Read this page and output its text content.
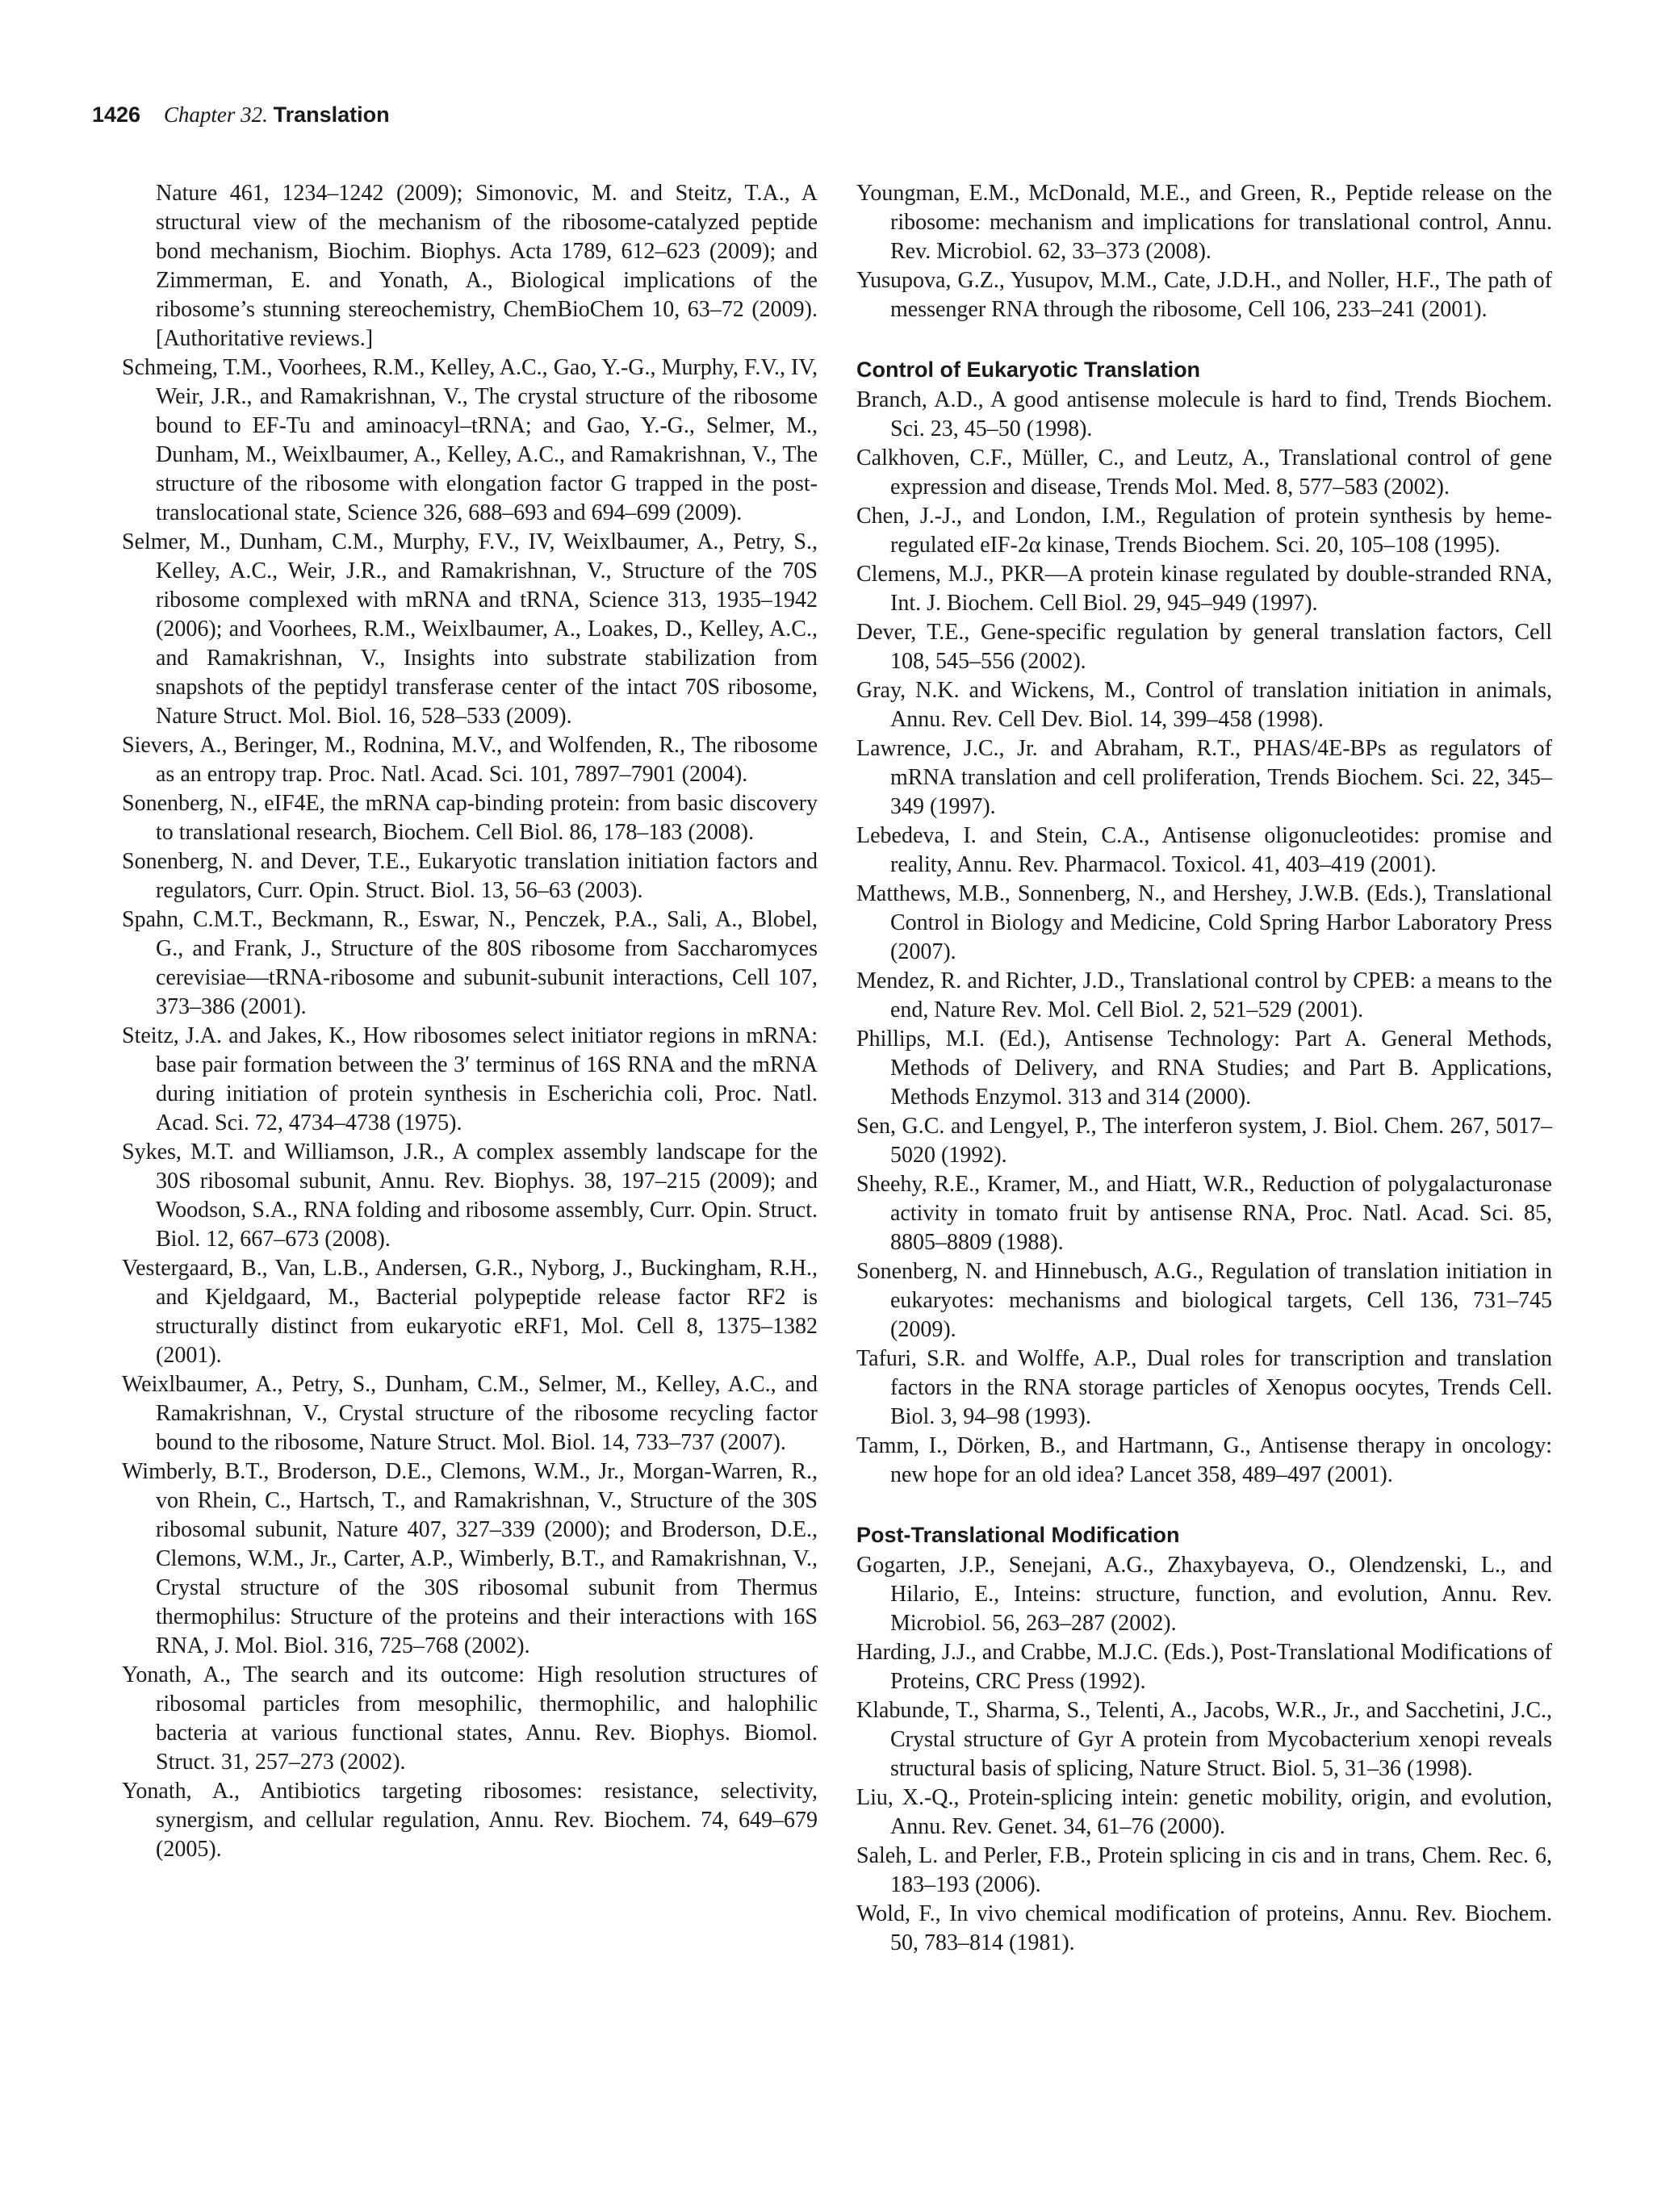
1426 Chapter 32. Translation

Nature 461, 1234–1242 (2009); Simonovic, M. and Steitz, T.A., A structural view of the mechanism of the ribosome-catalyzed peptide bond mechanism, Biochim. Biophys. Acta 1789, 612–623 (2009); and Zimmerman, E. and Yonath, A., Biological implications of the ribosome’s stunning stereochemistry, ChemBioChem 10, 63–72 (2009). [Authoritative reviews.]

Schmeing, T.M., Voorhees, R.M., Kelley, A.C., Gao, Y.-G., Murphy, F.V., IV, Weir, J.R., and Ramakrishnan, V., The crystal structure of the ribosome bound to EF-Tu and aminoacyl–tRNA; and Gao, Y.-G., Selmer, M., Dunham, M., Weixlbaumer, A., Kelley, A.C., and Ramakrishnan, V., The structure of the ribosome with elongation factor G trapped in the post-translocational state, Science 326, 688–693 and 694–699 (2009).

Selmer, M., Dunham, C.M., Murphy, F.V., IV, Weixlbaumer, A., Petry, S., Kelley, A.C., Weir, J.R., and Ramakrishnan, V., Structure of the 70S ribosome complexed with mRNA and tRNA, Science 313, 1935–1942 (2006); and Voorhees, R.M., Weixlbaumer, A., Loakes, D., Kelley, A.C., and Ramakrishnan, V., Insights into substrate stabilization from snapshots of the peptidyl transferase center of the intact 70S ribosome, Nature Struct. Mol. Biol. 16, 528–533 (2009).

Sievers, A., Beringer, M., Rodnina, M.V., and Wolfenden, R., The ribosome as an entropy trap. Proc. Natl. Acad. Sci. 101, 7897–7901 (2004).

Sonenberg, N., eIF4E, the mRNA cap-binding protein: from basic discovery to translational research, Biochem. Cell Biol. 86, 178–183 (2008).

Sonenberg, N. and Dever, T.E., Eukaryotic translation initiation factors and regulators, Curr. Opin. Struct. Biol. 13, 56–63 (2003).

Spahn, C.M.T., Beckmann, R., Eswar, N., Penczek, P.A., Sali, A., Blobel, G., and Frank, J., Structure of the 80S ribosome from Saccharomyces cerevisiae—tRNA-ribosome and subunit-subunit interactions, Cell 107, 373–386 (2001).

Steitz, J.A. and Jakes, K., How ribosomes select initiator regions in mRNA: base pair formation between the 3′ terminus of 16S RNA and the mRNA during initiation of protein synthesis in Escherichia coli, Proc. Natl. Acad. Sci. 72, 4734–4738 (1975).

Sykes, M.T. and Williamson, J.R., A complex assembly landscape for the 30S ribosomal subunit, Annu. Rev. Biophys. 38, 197–215 (2009); and Woodson, S.A., RNA folding and ribosome assembly, Curr. Opin. Struct. Biol. 12, 667–673 (2008).

Vestergaard, B., Van, L.B., Andersen, G.R., Nyborg, J., Buckingham, R.H., and Kjeldgaard, M., Bacterial polypeptide release factor RF2 is structurally distinct from eukaryotic eRF1, Mol. Cell 8, 1375–1382 (2001).

Weixlbaumer, A., Petry, S., Dunham, C.M., Selmer, M., Kelley, A.C., and Ramakrishnan, V., Crystal structure of the ribosome recycling factor bound to the ribosome, Nature Struct. Mol. Biol. 14, 733–737 (2007).

Wimberly, B.T., Broderson, D.E., Clemons, W.M., Jr., Morgan-Warren, R., von Rhein, C., Hartsch, T., and Ramakrishnan, V., Structure of the 30S ribosomal subunit, Nature 407, 327–339 (2000); and Broderson, D.E., Clemons, W.M., Jr., Carter, A.P., Wimberly, B.T., and Ramakrishnan, V., Crystal structure of the 30S ribosomal subunit from Thermus thermophilus: Structure of the proteins and their interactions with 16S RNA, J. Mol. Biol. 316, 725–768 (2002).

Yonath, A., The search and its outcome: High resolution structures of ribosomal particles from mesophilic, thermophilic, and halophilic bacteria at various functional states, Annu. Rev. Biophys. Biomol. Struct. 31, 257–273 (2002).

Yonath, A., Antibiotics targeting ribosomes: resistance, selectivity, synergism, and cellular regulation, Annu. Rev. Biochem. 74, 649–679 (2005).

Youngman, E.M., McDonald, M.E., and Green, R., Peptide release on the ribosome: mechanism and implications for translational control, Annu. Rev. Microbiol. 62, 33–373 (2008).

Yusupova, G.Z., Yusupov, M.M., Cate, J.D.H., and Noller, H.F., The path of messenger RNA through the ribosome, Cell 106, 233–241 (2001).

Control of Eukaryotic Translation

Branch, A.D., A good antisense molecule is hard to find, Trends Biochem. Sci. 23, 45–50 (1998).

Calkhoven, C.F., Müller, C., and Leutz, A., Translational control of gene expression and disease, Trends Mol. Med. 8, 577–583 (2002).

Chen, J.-J., and London, I.M., Regulation of protein synthesis by heme-regulated eIF-2α kinase, Trends Biochem. Sci. 20, 105–108 (1995).

Clemens, M.J., PKR—A protein kinase regulated by double-stranded RNA, Int. J. Biochem. Cell Biol. 29, 945–949 (1997).

Dever, T.E., Gene-specific regulation by general translation factors, Cell 108, 545–556 (2002).

Gray, N.K. and Wickens, M., Control of translation initiation in animals, Annu. Rev. Cell Dev. Biol. 14, 399–458 (1998).

Lawrence, J.C., Jr. and Abraham, R.T., PHAS/4E-BPs as regulators of mRNA translation and cell proliferation, Trends Biochem. Sci. 22, 345–349 (1997).

Lebedeva, I. and Stein, C.A., Antisense oligonucleotides: promise and reality, Annu. Rev. Pharmacol. Toxicol. 41, 403–419 (2001).

Matthews, M.B., Sonnenberg, N., and Hershey, J.W.B. (Eds.), Translational Control in Biology and Medicine, Cold Spring Harbor Laboratory Press (2007).

Mendez, R. and Richter, J.D., Translational control by CPEB: a means to the end, Nature Rev. Mol. Cell Biol. 2, 521–529 (2001).

Phillips, M.I. (Ed.), Antisense Technology: Part A. General Methods, Methods of Delivery, and RNA Studies; and Part B. Applications, Methods Enzymol. 313 and 314 (2000).

Sen, G.C. and Lengyel, P., The interferon system, J. Biol. Chem. 267, 5017–5020 (1992).

Sheehy, R.E., Kramer, M., and Hiatt, W.R., Reduction of polygalacturonase activity in tomato fruit by antisense RNA, Proc. Natl. Acad. Sci. 85, 8805–8809 (1988).

Sonenberg, N. and Hinnebusch, A.G., Regulation of translation initiation in eukaryotes: mechanisms and biological targets, Cell 136, 731–745 (2009).

Tafuri, S.R. and Wolffe, A.P., Dual roles for transcription and translation factors in the RNA storage particles of Xenopus oocytes, Trends Cell. Biol. 3, 94–98 (1993).

Tamm, I., Dörken, B., and Hartmann, G., Antisense therapy in oncology: new hope for an old idea? Lancet 358, 489–497 (2001).

Post-Translational Modification

Gogarten, J.P., Senejani, A.G., Zhaxybayeva, O., Olendzenski, L., and Hilario, E., Inteins: structure, function, and evolution, Annu. Rev. Microbiol. 56, 263–287 (2002).

Harding, J.J., and Crabbe, M.J.C. (Eds.), Post-Translational Modifications of Proteins, CRC Press (1992).

Klabunde, T., Sharma, S., Telenti, A., Jacobs, W.R., Jr., and Sacchetini, J.C., Crystal structure of Gyr A protein from Mycobacterium xenopi reveals structural basis of splicing, Nature Struct. Biol. 5, 31–36 (1998).

Liu, X.-Q., Protein-splicing intein: genetic mobility, origin, and evolution, Annu. Rev. Genet. 34, 61–76 (2000).

Saleh, L. and Perler, F.B., Protein splicing in cis and in trans, Chem. Rec. 6, 183–193 (2006).

Wold, F., In vivo chemical modification of proteins, Annu. Rev. Biochem. 50, 783–814 (1981).
